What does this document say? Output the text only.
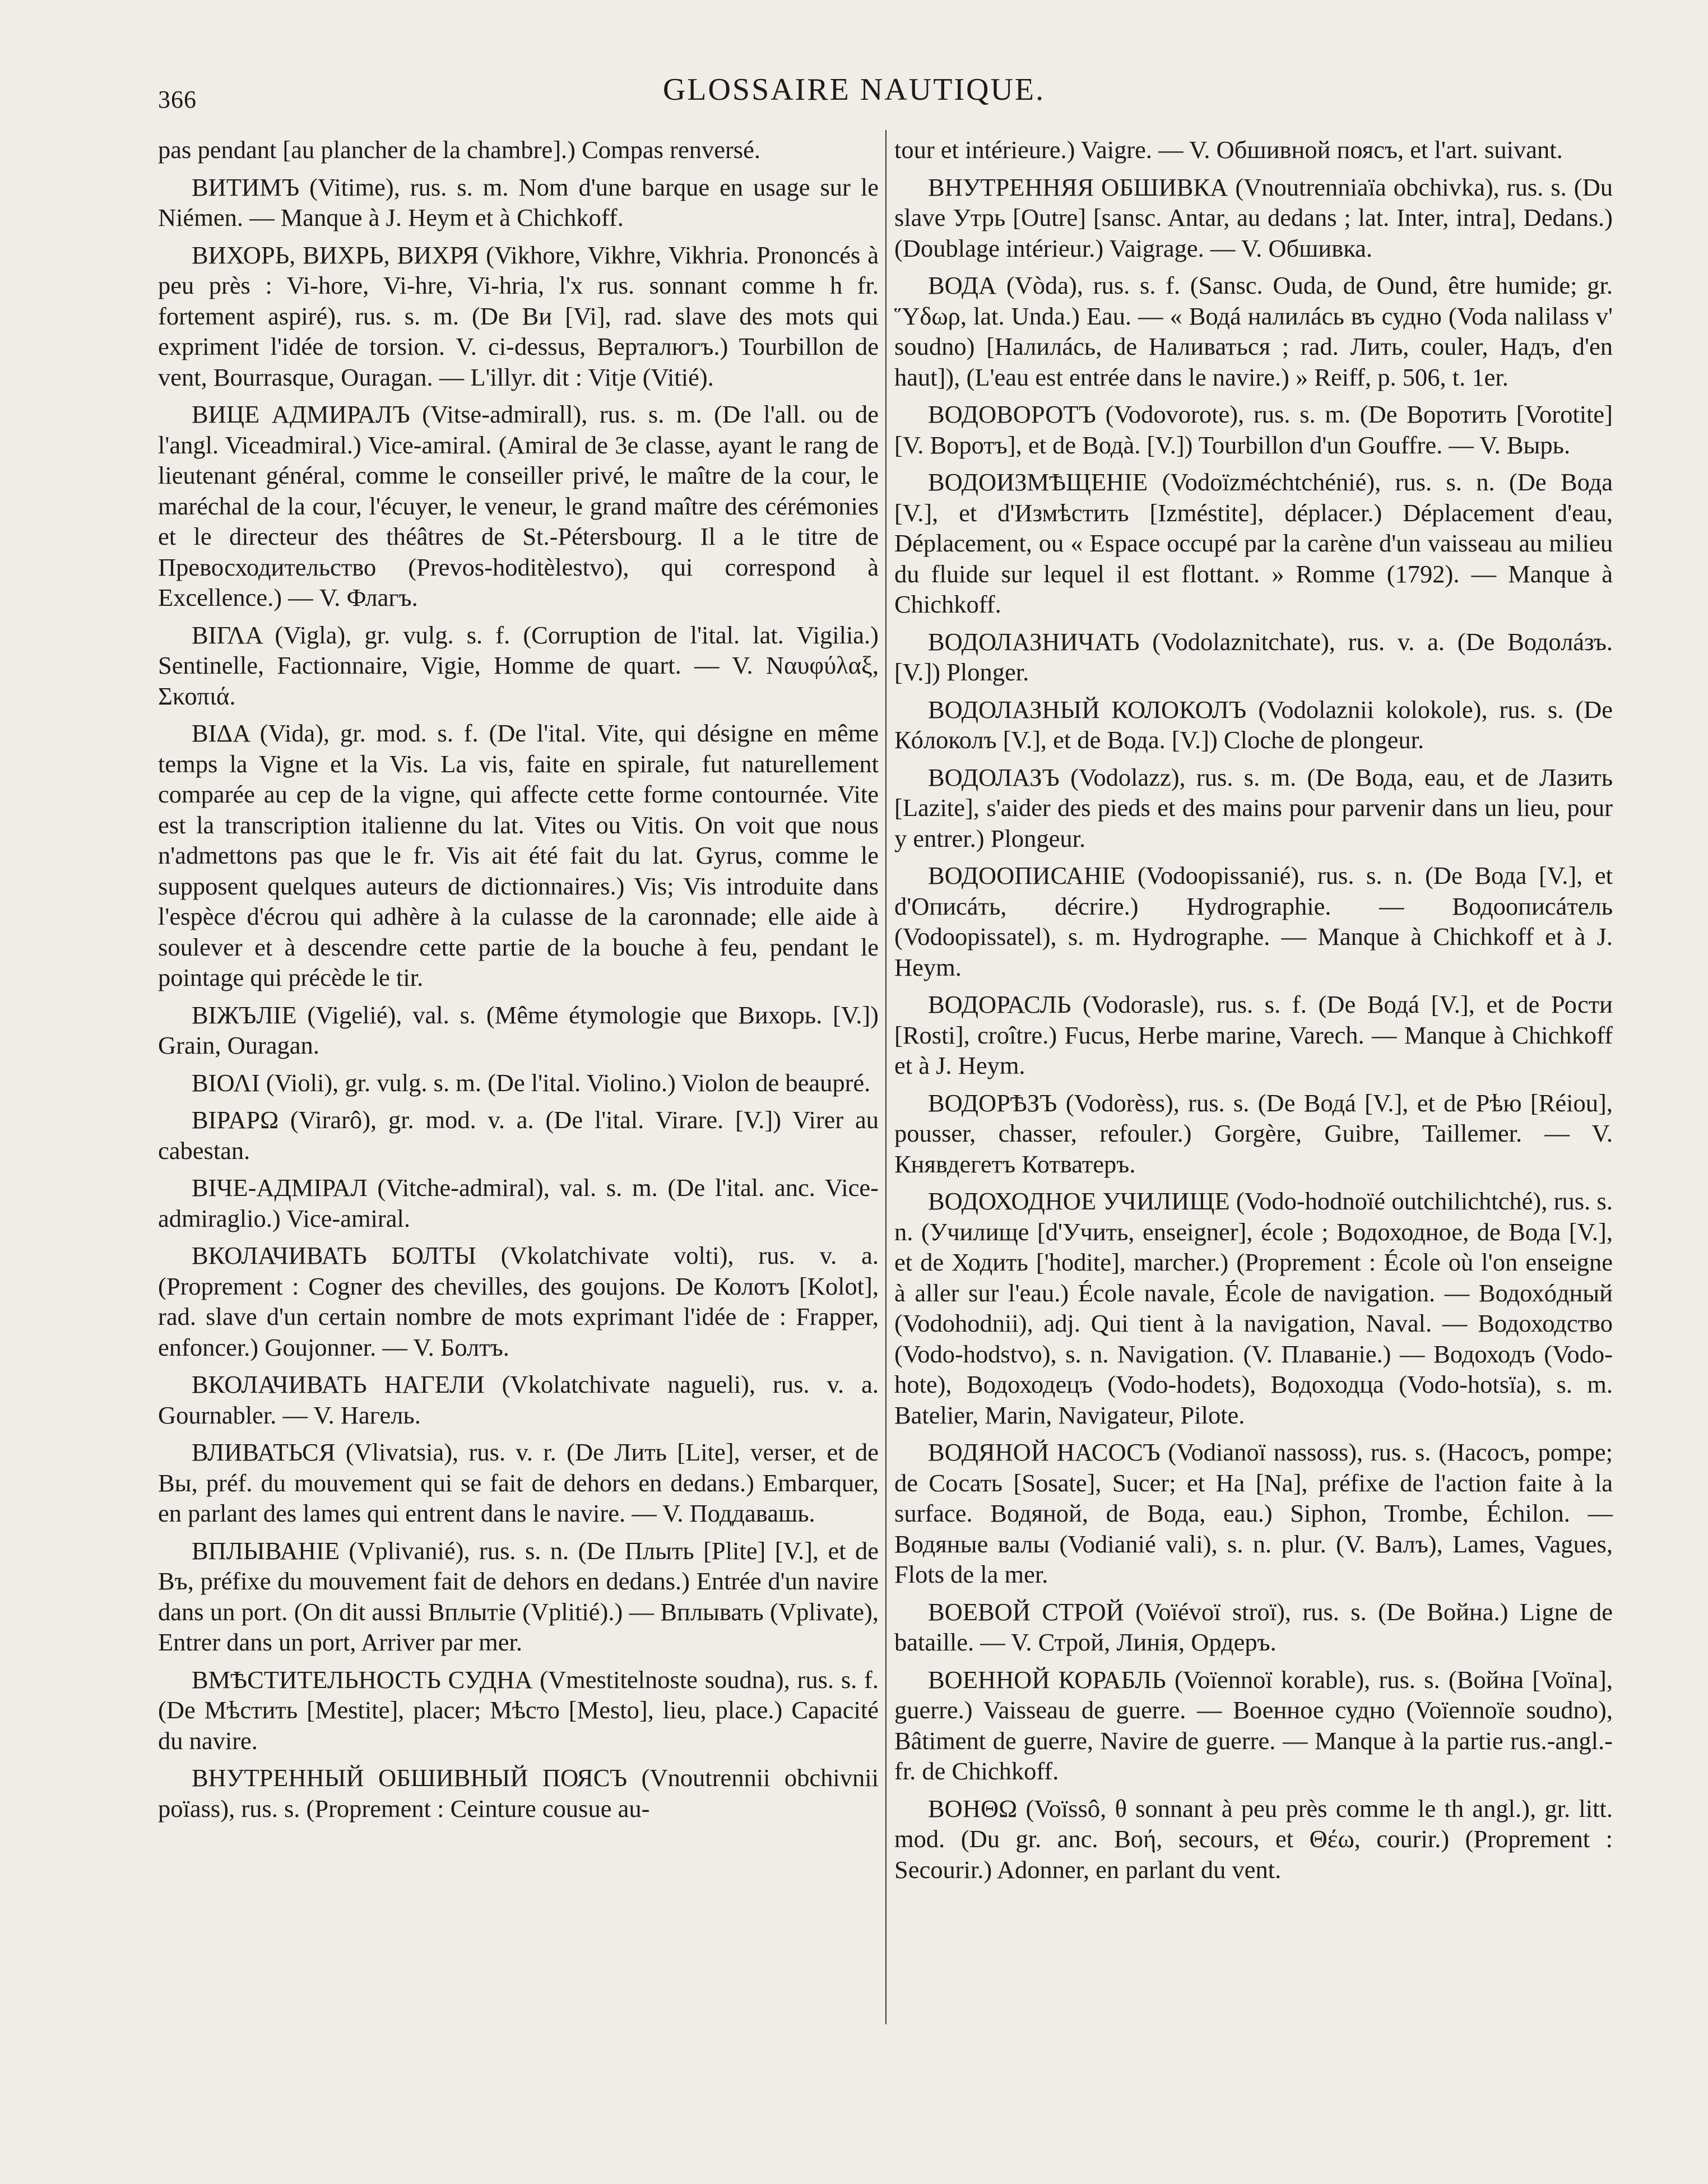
366	GLOSSAIRE NAUTIQUE.

pas pendant [au plancher de la chambre].) Compas renversé.

ВИТИМЪ (Vitime), rus. s. m. Nom d'une barque en usage sur le Niémen. — Manque à J. Heym et à Chichkoff.

ВИХОРЬ, ВИХРЬ, ВИХРЯ (Vikhore, Vikhre, Vikhria. Prononcés à peu près : Vi-hore, Vi-hre, Vi-hria, l'x rus. sonnant comme h fr. fortement aspiré), rus. s. m. (De Ви [Vi], rad. slave des mots qui expriment l'idée de torsion. V. ci-dessus, Верталюгъ.) Tourbillon de vent, Bourrasque, Ouragan. — L'illyr. dit : Vitje (Vitié).

ВИЦЕ АДМИРАЛЪ (Vitse-admirall), rus. s. m. (De l'all. ou de l'angl. Viceadmiral.) Vice-amiral. (Amiral de 3e classe, ayant le rang de lieutenant général, comme le conseiller privé, le maître de la cour, le maréchal de la cour, l'écuyer, le veneur, le grand maître des cérémonies et le directeur des théâtres de St.-Pétersbourg. Il a le titre de Превосходительство (Prevos-hoditèlestvo), qui correspond à Excellence.) — V. Флагъ.

ΒΙΓΛΑ (Vigla), gr. vulg. s. f. (Corruption de l'ital. lat. Vigilia.) Sentinelle, Factionnaire, Vigie, Homme de quart. — V. Ναυφύλαξ, Σκοπιά.

ΒΙΔΑ (Vida), gr. mod. s. f. (De l'ital. Vite, qui désigne en même temps la Vigne et la Vis. La vis, faite en spirale, fut naturellement comparée au cep de la vigne, qui affecte cette forme contournée. Vite est la transcription italienne du lat. Vites ou Vitis. On voit que nous n'admettons pas que le fr. Vis ait été fait du lat. Gyrus, comme le supposent quelques auteurs de dictionnaires.) Vis; Vis introduite dans l'espèce d'écrou qui adhère à la culasse de la caronnade; elle aide à soulever et à descendre cette partie de la bouche à feu, pendant le pointage qui précède le tir.

ВІЖЪЛІЕ (Vigelié), val. s. (Même étymologie que Вихорь. [V.]) Grain, Ouragan.

ΒΙΟΛΙ (Violi), gr. vulg. s. m. (De l'ital. Violino.) Violon de beaupré.

ΒΙΡΑΡΩ (Virarô), gr. mod. v. a. (De l'ital. Virare. [V.]) Virer au cabestan.

ВІЧЕ-АДМІРАЛ (Vitche-admiral), val. s. m. (De l'ital. anc. Vice-admiraglio.) Vice-amiral.

ВКОЛАЧИВАТЬ БОЛТЫ (Vkolatchivate volti), rus. v. a. (Proprement : Cogner des chevilles, des goujons. De Колотъ [Kolot], rad. slave d'un certain nombre de mots exprimant l'idée de : Frapper, enfoncer.) Goujonner. — V. Болтъ.

ВКОЛАЧИВАТЬ НАГЕЛИ (Vkolatchivate nagueli), rus. v. a. Gournabler. — V. Нагель.

ВЛИВАТЬСЯ (Vlivatsia), rus. v. r. (De Лить [Lite], verser, et de Вы, préf. du mouvement qui se fait de dehors en dedans.) Embarquer, en parlant des lames qui entrent dans le navire. — V. Поддавашь.

ВПЛЫВАНІЕ (Vplivanié), rus. s. n. (De Плыть [Plite] [V.], et de Въ, préfixe du mouvement fait de dehors en dedans.) Entrée d'un navire dans un port. (On dit aussi Вплытіе (Vplitié).) — Вплывать (Vplivate), Entrer dans un port, Arriver par mer.

ВМѢСТИТЕЛЬНОСТЬ СУДНА (Vmestitelnoste soudna), rus. s. f. (De Мѣстить [Mestite], placer; Мѣсто [Mesto], lieu, place.) Capacité du navire.

ВНУТРЕННЫЙ ОБШИВНЫЙ ПОЯСЪ (Vnoutrennii obchivnii poïass), rus. s. (Proprement : Ceinture cousue au-

tour et intérieure.) Vaigre. — V. Обшивной поясъ, et l'art. suivant.

ВНУТРЕННЯЯ ОБШИВКА (Vnoutrenniaïa obchivka), rus. s. (Du slave Утрь [Outre] [sansc. Antar, au dedans ; lat. Inter, intra], Dedans.) (Doublage intérieur.) Vaigrage. — V. Обшивка.

ВОДА (Vòda), rus. s. f. (Sansc. Ouda, de Ound, être humide; gr. Ὕδωρ, lat. Unda.) Eau. — « Водá налилáсь въ судно (Voda nalilass v' soudno) [Налилáсь, de Наливаться ; rad. Лить, couler, Надъ, d'en haut]), (L'eau est entrée dans le navire.) » Reiff, p. 506, t. 1er.

ВОДОВОРОТЪ (Vodovorote), rus. s. m. (De Воротить [Vorotite] [V. Воротъ], et de Водà. [V.]) Tourbillon d'un Gouffre. — V. Вырь.

ВОДОИЗМѢЩЕНІЕ (Vodoïzméchtchénié), rus. s. n. (De Вода [V.], et d'Измѣстить [Izméstite], déplacer.) Déplacement d'eau, Déplacement, ou « Espace occupé par la carène d'un vaisseau au milieu du fluide sur lequel il est flottant. » Romme (1792). — Manque à Chichkoff.

ВОДОЛАЗНИЧАТЬ (Vodolaznitchate), rus. v. a. (De Водолáзъ. [V.]) Plonger.

ВОДОЛАЗНЫЙ КОЛОКОЛЪ (Vodolaznii kolokole), rus. s. (De Кóлоколъ [V.], et de Вода. [V.]) Cloche de plongeur.

ВОДОЛАЗЪ (Vodolazz), rus. s. m. (De Вода, eau, et de Лазить [Lazite], s'aider des pieds et des mains pour parvenir dans un lieu, pour y entrer.) Plongeur.

ВОДООПИСАНІЕ (Vodoopissanié), rus. s. n. (De Вода [V.], et d'Описáть, décrire.) Hydrographie. — Водоописáтель (Vodoopissatel), s. m. Hydrographe. — Manque à Chichkoff et à J. Heym.

ВОДОРАСЛЬ (Vodorasle), rus. s. f. (De Водá [V.], et de Рости [Rosti], croître.) Fucus, Herbe marine, Varech. — Manque à Chichkoff et à J. Heym.

ВОДОРѢЗЪ (Vodorèss), rus. s. (De Водá [V.], et de Рѣю [Réiou], pousser, chasser, refouler.) Gorgère, Guibre, Taillemer. — V. Княвдегетъ Котватеръ.

ВОДОХОДНОЕ УЧИЛИЩЕ (Vodo-hodnoïé outchilichtché), rus. s. n. (Училище [d'Учить, enseigner], école ; Водоходное, de Вода [V.], et de Ходить ['hodite], marcher.) (Proprement : École où l'on enseigne à aller sur l'eau.) École navale, École de navigation. — Водохóдный (Vodohodnii), adj. Qui tient à la navigation, Naval. — Водоходство (Vodo-hodstvo), s. n. Navigation. (V. Плаваніе.) — Водоходъ (Vodo-hote), Водоходецъ (Vodo-hodets), Водоходца (Vodo-hotsïa), s. m. Batelier, Marin, Navigateur, Pilote.

ВОДЯНОЙ НАСОСЪ (Vodianoï nassoss), rus. s. (Насосъ, pompe; de Сосать [Sosate], Sucer; et На [Na], préfixe de l'action faite à la surface. Водяной, de Вода, eau.) Siphon, Trombe, Échilon. — Водяные валы (Vodianié vali), s. n. plur. (V. Валъ), Lames, Vagues, Flots de la mer.

ВОЕВОЙ СТРОЙ (Voïévoï stroï), rus. s. (De Война.) Ligne de bataille. — V. Строй, Линія, Ордеръ.

ВОЕННОЙ КОРАБЛЬ (Voïennoï korable), rus. s. (Война [Voïna], guerre.) Vaisseau de guerre. — Военное судно (Voïennoïe soudno), Bâtiment de guerre, Navire de guerre. — Manque à la partie rus.-angl.-fr. de Chichkoff.

ΒΟΗΘΩ (Voïssô, θ sonnant à peu près comme le th angl.), gr. litt. mod. (Du gr. anc. Βοή, secours, et Θέω, courir.) (Proprement : Secourir.) Adonner, en parlant du vent.
